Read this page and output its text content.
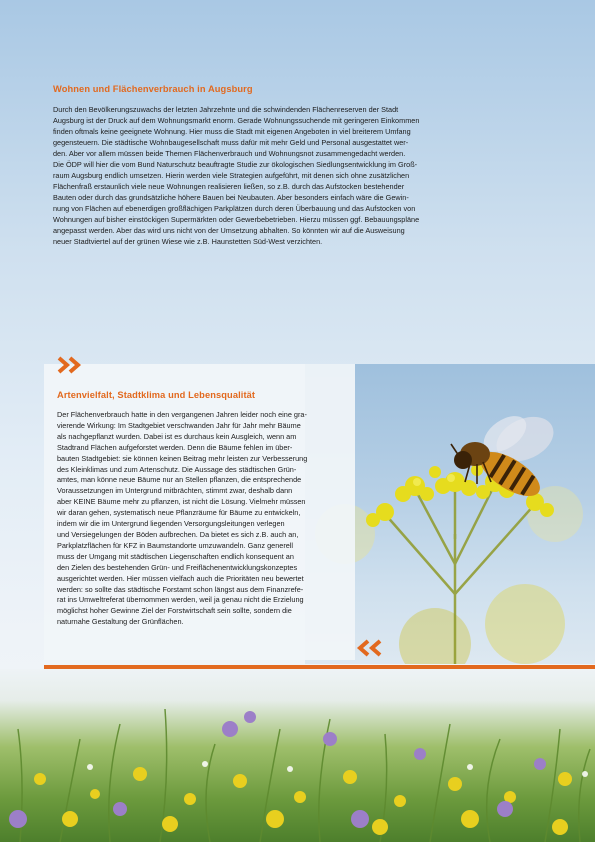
Wohnen und Flächenverbrauch in Augsburg

Durch den Bevölkerungszuwachs der letzten Jahrzehnte und die schwindenden Flächenreserven der Stadt
Augsburg ist der Druck auf dem Wohnungsmarkt enorm. Gerade Wohnungssuchende mit geringeren Einkommen
finden oftmals keine geeignete Wohnung. Hier muss die Stadt mit eigenen Angeboten in viel breiterem Umfang
gegensteuern. Die städtische Wohnbaugesellschaft muss dafür mit mehr Geld und Personal ausgestattet wer-
den. Aber vor allem müssen beide Themen Flächenverbrauch und Wohnungsnot zusammengedacht werden.
Die ÖDP will hier die vom Bund Naturschutz beauftragte Studie zur ökologischen Siedlungsentwicklung im Groß-
raum Augsburg endlich umsetzen. Hierin werden viele Strategien aufgeführt, mit denen sich ohne zusätzlichen
Flächenfraß erstaunlich viele neue Wohnungen realisieren ließen, so z.B. durch das Aufstocken bestehender
Bauten oder durch das grundsätzliche höhere Bauen bei Neubauten. Aber besonders einfach wäre die Gewin-
nung von Flächen auf ebenerdigen großflächigen Parkplätzen durch deren Überbauung und das Aufstocken von
Wohnungen auf bisher einstöckigen Supermärkten oder Gewerbebetrieben. Hierzu müssen ggf. Bebauungspläne
angepasst werden. Aber das wird uns nicht von der Umsetzung abhalten. So könnten wir auf die Ausweisung
neuer Stadtviertel auf der grünen Wiese wie z.B. Haunstetten Süd-West verzichten.

Artenvielfalt, Stadtklima und Lebensqualität

Der Flächenverbrauch hatte in den vergangenen Jahren leider noch eine gra-
vierende Wirkung: Im Stadtgebiet verschwanden Jahr für Jahr mehr Bäume
als nachgepflanzt wurden. Dabei ist es durchaus kein Ausgleich, wenn am
Stadtrand Flächen aufgeforstet werden. Denn die Bäume fehlen im über-
bauten Stadtgebiet: sie können keinen Beitrag mehr leisten zur Verbesserung
des Kleinklimas und zum Artenschutz. Die Aussage des städtischen Grün-
amtes, man könne neue Bäume nur an Stellen pflanzen, die entsprechende
Voraussetzungen im Untergrund mitbrächten, stimmt zwar, deshalb dann
aber KEINE Bäume mehr zu pflanzen, ist nicht die Lösung. Vielmehr müssen
wir daran gehen, systematisch neue Pflanzräume für Bäume zu entwickeln,
indem wir die im Untergrund liegenden Versorgungsleitungen verlegen
und Versiegelungen der Böden aufbrechen. Da bietet es sich z.B. auch an,
Parkplatzflächen für KFZ in Baumstandorte umzuwandeln. Ganz generell
muss der Umgang mit städtischen Liegenschaften endlich konsequent an
den Zielen des bestehenden Grün- und Freiflächenentwicklungskonzeptes
ausgerichtet werden. Hier müssen vielfach auch die Prioritäten neu bewertet
werden: so sollte das städtische Forstamt schon längst aus dem Finanzrefe-
rat ins Umweltreferat übernommen werden, weil ja genau nicht die Erzielung
möglichst hoher Gewinne Ziel der Forstwirtschaft sein sollte, sondern die
naturnahe Gestaltung der Grünflächen.
